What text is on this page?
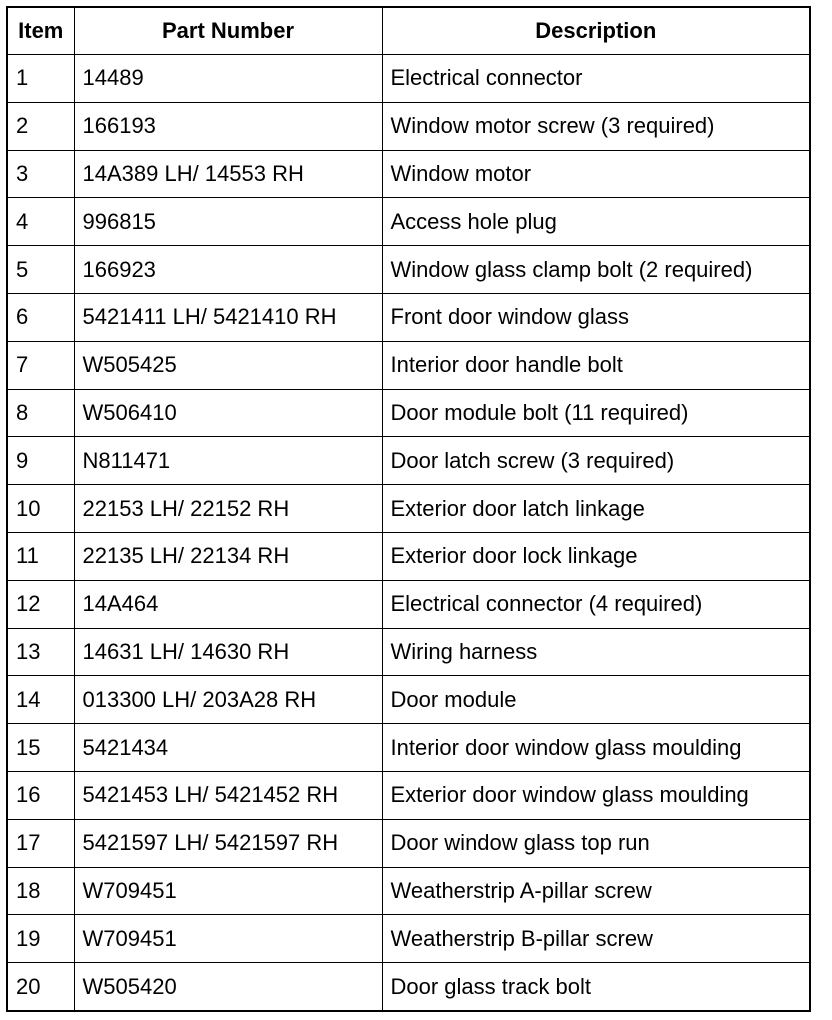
Item	Part Number	Description
1	14489	Electrical connector
2	166193	Window motor screw (3 required)
3	14A389 LH/ 14553 RH	Window motor
4	996815	Access hole plug
5	166923	Window glass clamp bolt (2 required)
6	5421411 LH/ 5421410 RH	Front door window glass
7	W505425	Interior door handle bolt
8	W506410	Door module bolt (11 required)
9	N811471	Door latch screw (3 required)
10	22153 LH/ 22152 RH	Exterior door latch linkage
11	22135 LH/ 22134 RH	Exterior door lock linkage
12	14A464	Electrical connector (4 required)
13	14631 LH/ 14630 RH	Wiring harness
14	013300 LH/ 203A28 RH	Door module
15	5421434	Interior door window glass moulding
16	5421453 LH/ 5421452 RH	Exterior door window glass moulding
17	5421597 LH/ 5421597 RH	Door window glass top run
18	W709451	Weatherstrip A-pillar screw
19	W709451	Weatherstrip B-pillar screw
20	W505420	Door glass track bolt
